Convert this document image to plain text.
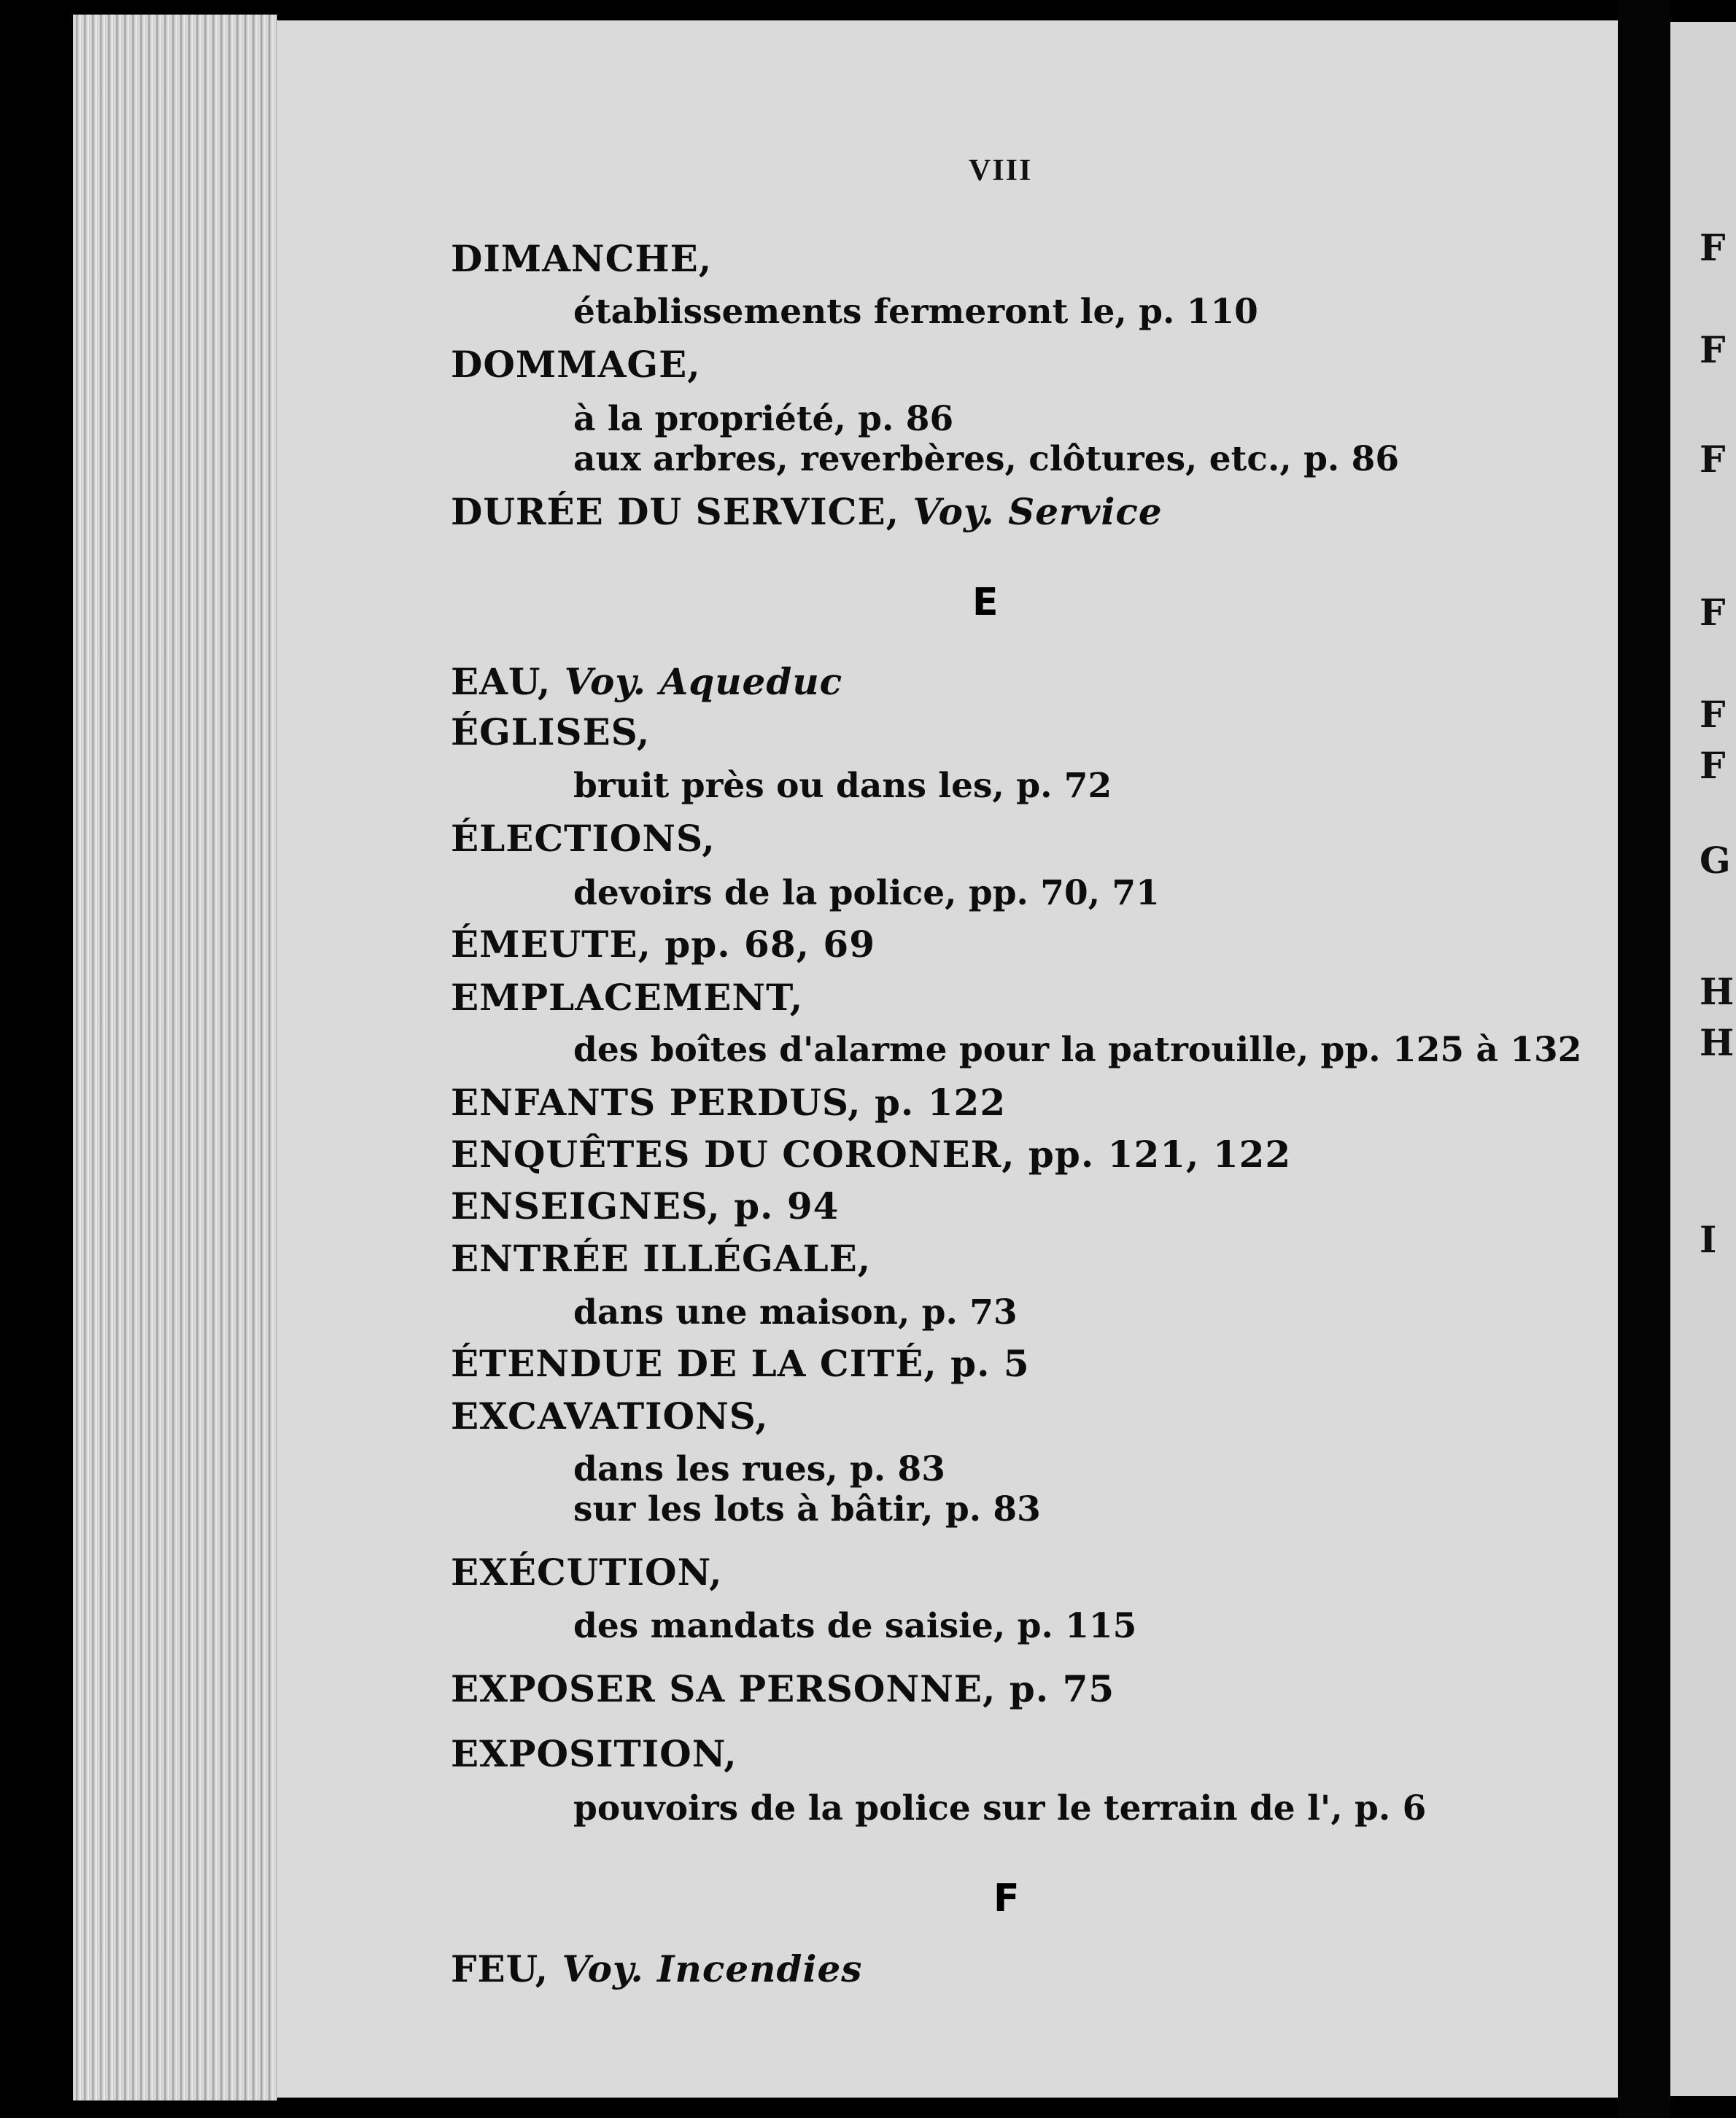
F
F
F
F
F
F
G
H
H
I
VIII
DIMANCHE,
établissements fermeront le, p. 110
DOMMAGE,
à la propriété, p. 86
aux arbres, reverbères, clôtures, etc., p. 86
DURÉE DU SERVICE, Voy. Service
E
EAU, Voy. Aqueduc
ÉGLISES,
bruit près ou dans les, p. 72
ÉLECTIONS,
devoirs de la police, pp. 70, 71
ÉMEUTE, pp. 68, 69
EMPLACEMENT,
des boîtes d'alarme pour la patrouille, pp. 125 à 132
ENFANTS PERDUS, p. 122
ENQUÊTES DU CORONER, pp. 121, 122
ENSEIGNES, p. 94
ENTRÉE ILLÉGALE,
dans une maison, p. 73
ÉTENDUE DE LA CITÉ, p. 5
EXCAVATIONS,
dans les rues, p. 83
sur les lots à bâtir, p. 83
EXÉCUTION,
des mandats de saisie, p. 115
EXPOSER SA PERSONNE, p. 75
EXPOSITION,
pouvoirs de la police sur le terrain de l', p. 6
F
FEU, Voy. Incendies
